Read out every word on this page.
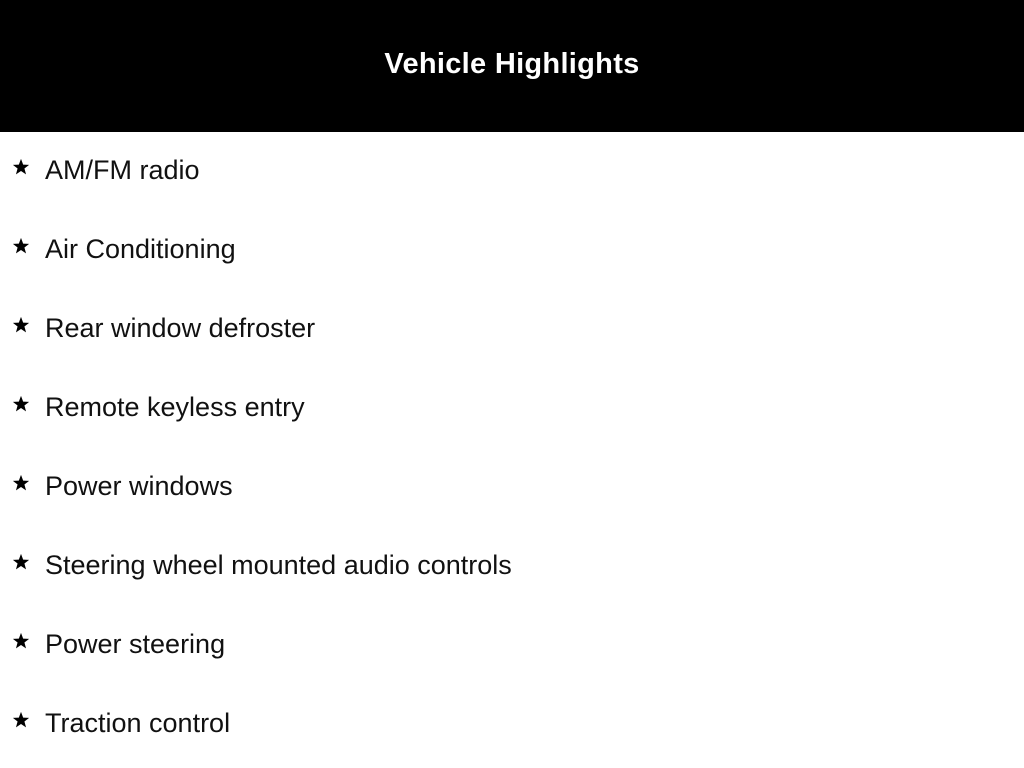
Vehicle Highlights
AM/FM radio
Air Conditioning
Rear window defroster
Remote keyless entry
Power windows
Steering wheel mounted audio controls
Power steering
Traction control
